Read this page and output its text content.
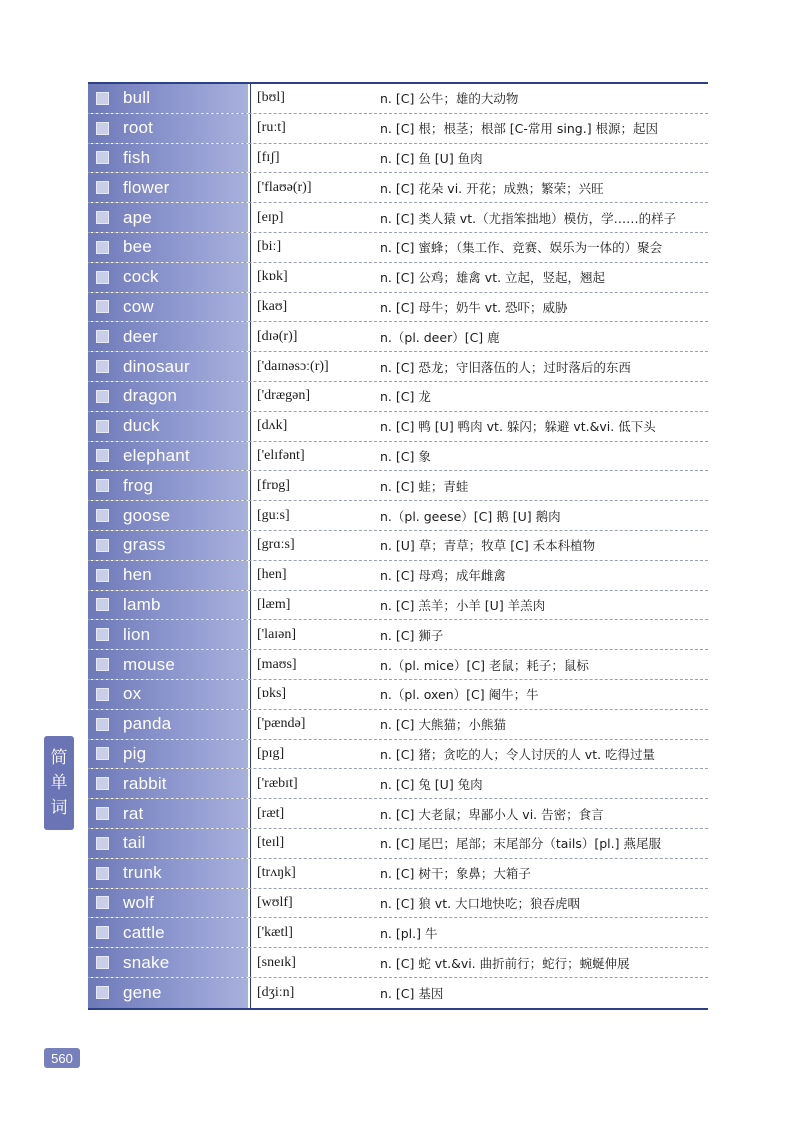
bull	[bʊl]	n. [C] 公牛；雄的大动物
root	[ruːt]	n. [C] 根；根茎；根部 [C-常用 sing.] 根源；起因
fish	[fɪʃ]	n. [C] 鱼 [U] 鱼肉
flower	['flaʊə(r)]	n. [C] 花朵 vi. 开花；成熟；繁荣；兴旺
ape	[eɪp]	n. [C] 类人猿 vt.（尤指笨拙地）模仿，学……的样子
bee	[biː]	n. [C] 蜜蜂；（集工作、竞赛、娱乐为一体的）聚会
cock	[kɒk]	n. [C] 公鸡；雄禽 vt. 立起，竖起，翘起
cow	[kaʊ]	n. [C] 母牛；奶牛 vt. 恐吓；威胁
deer	[dɪə(r)]	n.（pl. deer）[C] 鹿
dinosaur	['daɪnəsɔː(r)]	n. [C] 恐龙；守旧落伍的人；过时落后的东西
dragon	['drægən]	n. [C] 龙
duck	[dʌk]	n. [C] 鸭 [U] 鸭肉 vt. 躲闪；躲避 vt.&vi. 低下头
elephant	['elɪfənt]	n. [C] 象
frog	[frɒg]	n. [C] 蛙；青蛙
goose	[guːs]	n.（pl. geese）[C] 鹅 [U] 鹅肉
grass	[grɑːs]	n. [U] 草；青草；牧草 [C] 禾本科植物
hen	[hen]	n. [C] 母鸡；成年雌禽
lamb	[læm]	n. [C] 羔羊；小羊 [U] 羊羔肉
lion	['laɪən]	n. [C] 狮子
mouse	[maʊs]	n.（pl. mice）[C] 老鼠；耗子；鼠标
ox	[ɒks]	n.（pl. oxen）[C] 阉牛；牛
panda	['pændə]	n. [C] 大熊猫；小熊猫
pig	[pɪg]	n. [C] 猪；贪吃的人；令人讨厌的人 vt. 吃得过量
rabbit	['ræbɪt]	n. [C] 兔 [U] 兔肉
rat	[ræt]	n. [C] 大老鼠；卑鄙小人 vi. 告密；食言
tail	[teɪl]	n. [C] 尾巴；尾部；末尾部分（tails）[pl.] 燕尾服
trunk	[trʌŋk]	n. [C] 树干；象鼻；大箱子
wolf	[wʊlf]	n. [C] 狼 vt. 大口地快吃；狼吞虎咽
cattle	['kætl]	n. [pl.] 牛
snake	[sneɪk]	n. [C] 蛇 vt.&vi. 曲折前行；蛇行；蜿蜒伸展
gene	[dʒiːn]	n. [C] 基因
简
单
词
560
